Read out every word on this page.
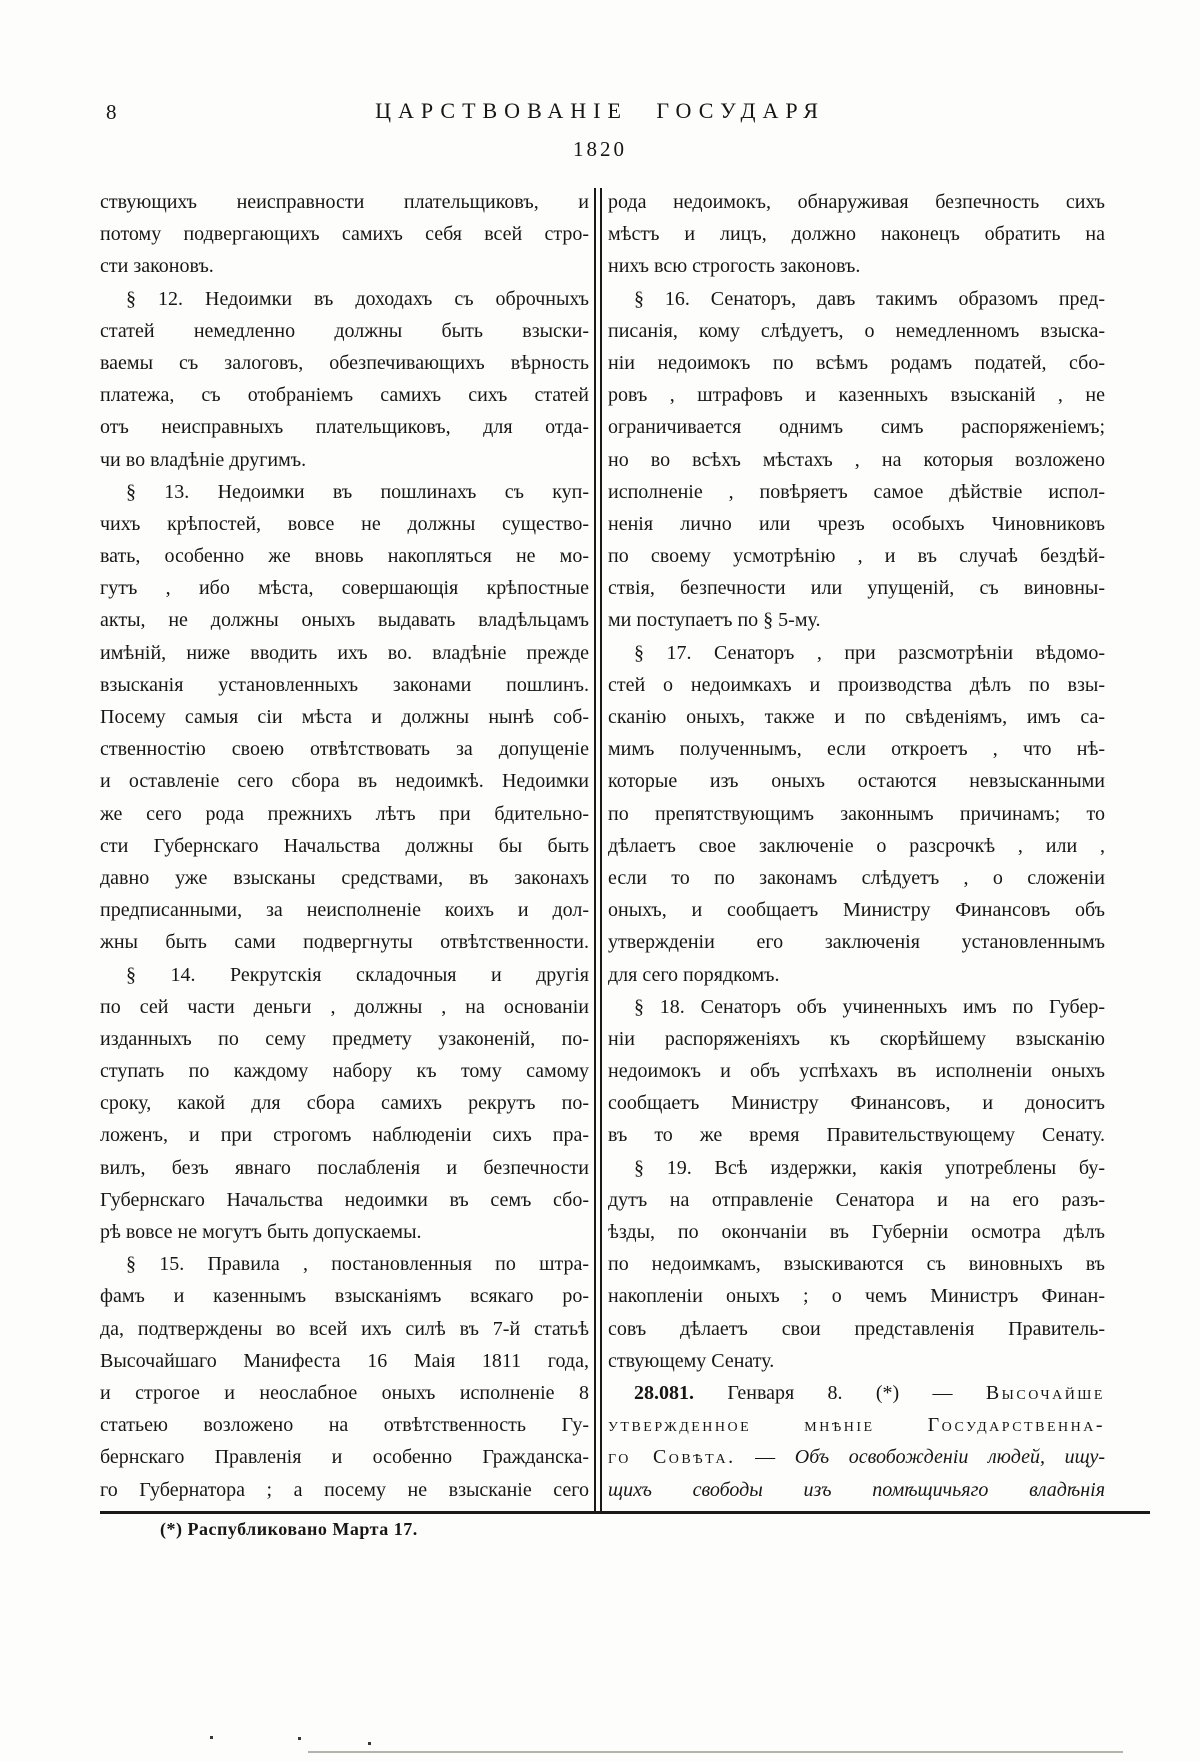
8	ЦАРСТВОВАНІЕ ГОСУДАРЯ
1820
ствующихъ неисправности плательщиковъ, и
потому подвергающихъ самихъ себя всей стро-
сти законовъ.
§ 12. Недоимки въ доходахъ съ оброчныхъ
статей немедленно должны быть взыски-
ваемы съ залоговъ, обезпечивающихъ вѣрность
платежа, съ отобраніемъ самихъ сихъ статей
отъ неисправныхъ плательщиковъ, для отда-
чи во владѣніе другимъ.
§ 13. Недоимки въ пошлинахъ съ куп-
чихъ крѣпостей, вовсе не должны существо-
вать, особенно же вновь накопляться не мо-
гутъ , ибо мѣста, совершающія крѣпостные
акты, не должны оныхъ выдавать владѣльцамъ
имѣній, ниже вводить ихъ во. владѣніе прежде
взысканія установленныхъ законами пошлинъ.
Посему самыя сіи мѣста и должны нынѣ соб-
ственностію своею отвѣтствовать за допущеніе
и оставленіе сего сбора въ недоимкѣ. Недоимки
же сего рода прежнихъ лѣтъ при бдительно-
сти Губернскаго Начальства должны бы быть
давно уже взысканы средствами, въ законахъ
предписанными, за неисполненіе коихъ и дол-
жны быть сами подвергнуты отвѣтственности.
§ 14. Рекрутскія складочныя и другія
по сей части деньги , должны , на основаніи
изданныхъ по сему предмету узаконеній, по-
ступать по каждому набору къ тому самому
сроку, какой для сбора самихъ рекрутъ по-
ложенъ, и при строгомъ наблюденіи сихъ пра-
вилъ, безъ явнаго послабленія и безпечности
Губернскаго Начальства недоимки въ семъ сбо-
рѣ вовсе не могутъ быть допускаемы.
§ 15. Правила , постановленныя по штра-
фамъ и казеннымъ взысканіямъ всякаго ро-
да, подтверждены во всей ихъ силѣ въ 7-й статьѣ
Высочайшаго Манифеста 16 Маія 1811 года,
и строгое и неослабное оныхъ исполненіе 8
статьею возложено на отвѣтственность Гу-
бернскаго Правленія и особенно Гражданска-
го Губернатора ; а посему не взысканіе сего
рода недоимокъ, обнаруживая безпечность сихъ
мѣстъ и лицъ, должно наконецъ обратить на
нихъ всю строгость законовъ.
§ 16. Сенаторъ, давъ такимъ образомъ пред-
писанія, кому слѣдуетъ, о немедленномъ взыска-
ніи недоимокъ по всѣмъ родамъ податей, сбо-
ровъ , штрафовъ и казенныхъ взысканій , не
ограничивается однимъ симъ распоряженіемъ;
но во всѣхъ мѣстахъ , на которыя возложено
исполненіе , повѣряетъ самое дѣйствіе испол-
ненія лично или чрезъ особыхъ Чиновниковъ
по своему усмотрѣнію , и въ случаѣ бездѣй-
ствія, безпечности или упущеній, съ виновны-
ми поступаетъ по § 5-му.
§ 17. Сенаторъ , при разсмотрѣніи вѣдомо-
стей о недоимкахъ и производства дѣлъ по взы-
сканію оныхъ, также и по свѣденіямъ, имъ са-
мимъ полученнымъ, если откроетъ , что нѣ-
которые изъ оныхъ остаются невзысканными
по препятствующимъ законнымъ причинамъ; то
дѣлаетъ свое заключеніе о разсрочкѣ , или ,
если то по законамъ слѣдуетъ , о сложеніи
оныхъ, и сообщаетъ Министру Финансовъ объ
утвержденіи его заключенія установленнымъ
для сего порядкомъ.
§ 18. Сенаторъ объ учиненныхъ имъ по Губер-
ніи распоряженіяхъ къ скорѣйшему взысканію
недоимокъ и объ успѣхахъ въ исполненіи оныхъ
сообщаетъ Министру Финансовъ, и доноситъ
въ то же время Правительствующему Сенату.
§ 19. Всѣ издержки, какія употреблены бу-
дутъ на отправленіе Сенатора и на его разъ-
ѣзды, по окончаніи въ Губерніи осмотра дѣлъ
по недоимкамъ, взыскиваются съ виновныхъ въ
накопленіи оныхъ ; о чемъ Министръ Финан-
совъ дѣлаетъ свои представленія Правитель-
ствующему Сенату.
28.081. Генваря 8. (*) — Высочайше
утвержденное мнѣніе Государственна-
го Совѣта. — Объ освобожденіи людей, ищу-
щихъ свободы изъ помѣщичьяго владѣнія
(*) Распубликовано Марта 17.
